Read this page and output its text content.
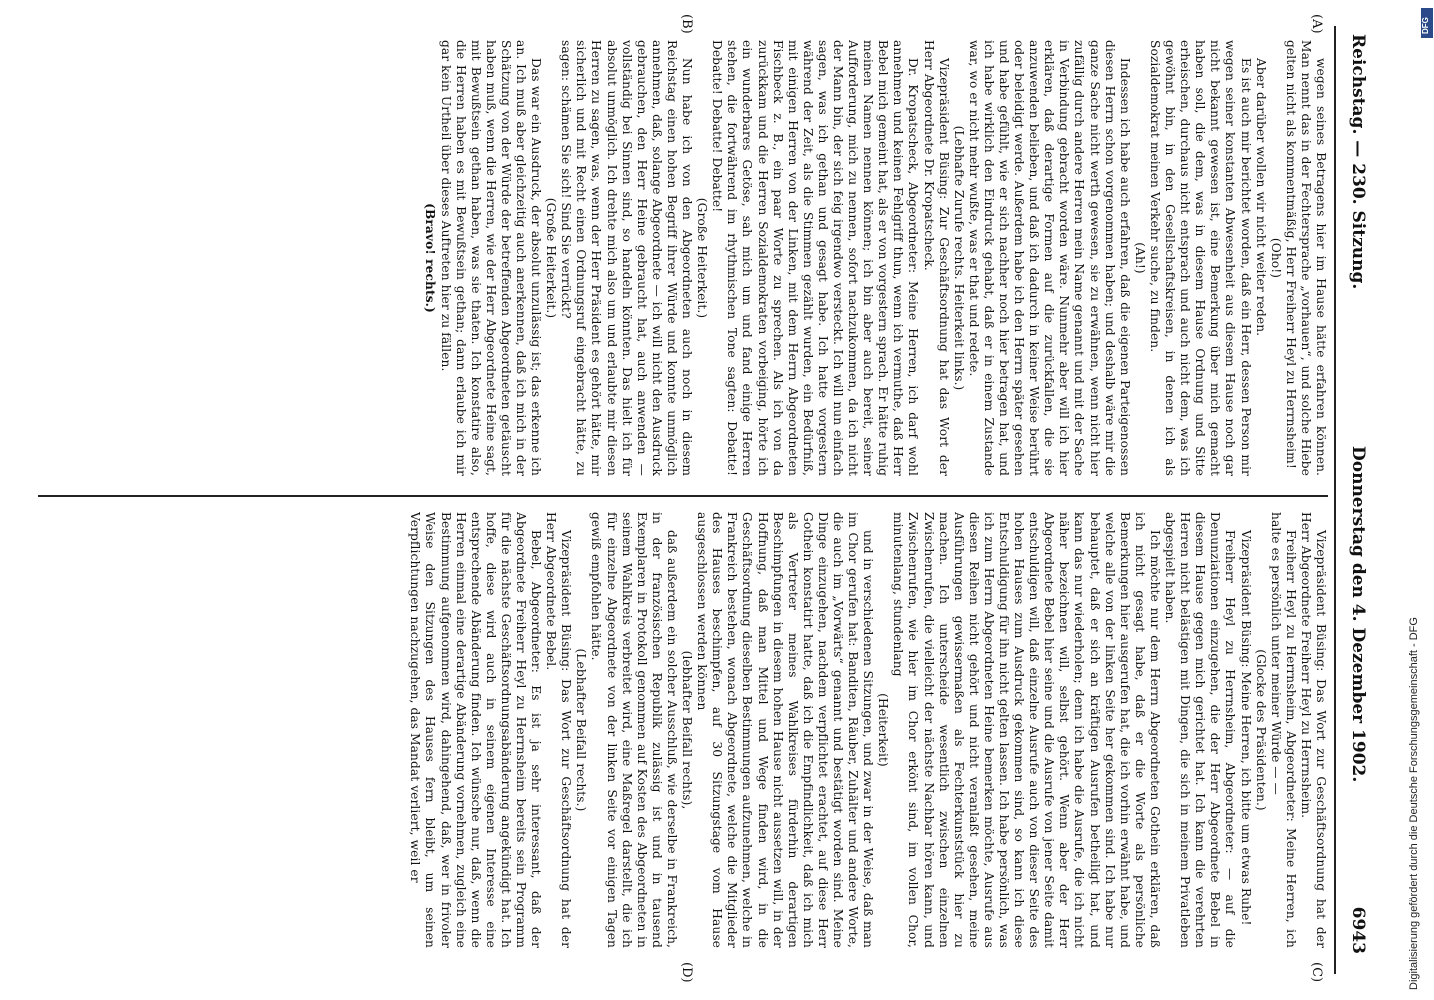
Reichstag. — 230. Sitzung.
Donnerstag den 4. Dezember 1902.
6943
(A)
(B)
(C)
(D)

wegen seines Betragens hier im Hause hätte erfahren können. Man nennt das in der Fechtersprache „vorhauen“, und solche Hiebe gelten nicht als kommentmäßig, Herr Freiherr Heyl zu Herrnsheim!

(Oho!)

Aber darüber wollen wir nicht weiter reden.

Es ist auch mir berichtet worden, daß ein Herr, dessen Person mir wegen seiner konstanten Abwesenheit aus diesem Hause noch gar nicht bekannt gewesen ist, eine Bemerkung über mich gemacht haben soll, die dem, was in diesem Hause Ordnung und Sitte erheischen, durchaus nicht entsprach und auch nicht dem, was ich gewöhnt bin, in den Gesellschaftskreisen, in denen ich als Sozialdemokrat meinen Verkehr suche, zu finden.

(Ah!)

Indessen ich habe auch erfahren, daß die eigenen Parteigenossen diesen Herrn schon vorgenommen haben; und deshalb wäre mir die ganze Sache nicht werth gewesen, sie zu erwähnen, wenn nicht hier zufällig durch andere Herren mein Name genannt und mit der Sache in Verbindung gebracht worden wäre. Nunmehr aber will ich hier erklären, daß derartige Formen auf die zurückfallen, die sie anzuwenden belieben, und daß ich dadurch in keiner Weise berührt oder beleidigt werde. Außerdem habe ich den Herrn später gesehen und habe gefühlt, wie er sich nachher noch hier betragen hat, und ich habe wirklich den Eindruck gehabt, daß er in einem Zustande war, wo er nicht mehr wußte, was er that und redete.

(Lebhafte Zurufe rechts. Heiterkeit links.)

Vizepräsident Büsing: Zur Geschäftsordnung hat das Wort der Herr Abgeordnete Dr. Kropatscheck.

Dr. Kropatscheck, Abgeordneter: Meine Herren, ich darf wohl annehmen und keinen Fehlgriff thun, wenn ich vermuthe, daß Herr Bebel mich gemeint hat, als er von vorgestern sprach. Er hätte ruhig meinen Namen nennen können; ich bin aber auch bereit, seiner Aufforderung, mich zu nennen, sofort nachzukommen, da ich nicht der Mann bin, der sich feig irgendwo versteckt. Ich will nun einfach sagen, was ich gethan und gesagt habe. Ich hatte vorgestern während der Zeit, als die Stimmen gezählt wurden, ein Bedürfniß, mit einigen Herren von der Linken, mit dem Herrn Abgeordneten Fischbeck z. B., ein paar Worte zu sprechen. Als ich von da zurückkam und die Herren Sozialdemokraten vorbeiging, hörte ich ein wunderbares Getöse, sah mich um und fand einige Herren stehen, die fortwährend im rhythmischen Tone sagten: Debatte! Debatte! Debatte! Debatte!

(Große Heiterkeit.)

Nun habe ich von den Abgeordneten auch noch in diesem Reichstag einen hohen Begriff ihrer Würde und konnte unmöglich annehmen, daß, solange Abgeordnete — ich will nicht den Ausdruck gebrauchen, den Herr Heine gebraucht hat, auch anwenden — vollständig bei Sinnen sind, so handeln könnten. Das hielt ich für absolut unmöglich. Ich drehte mich also um und erlaubte mir diesen Herren zu sagen, was, wenn der Herr Präsident es gehört hätte, mir sicherlich und mit Recht einen Ordnungsruf eingebracht hätte, zu sagen: schämen Sie sich! Sind Sie verrückt?

(Große Heiterkeit.)

Das war ein Ausdruck, der absolut unzulässig ist; das erkenne ich an. Ich muß aber gleichzeitig auch anerkennen, daß ich mich in der Schätzung von der Würde der betreffenden Abgeordneten getäuscht haben muß, wenn die Herren, wie der Herr Abgeordnete Heine sagt, mit Bewußtsein gethan haben, was sie thaten. Ich konstatire also, die Herren haben es mit Bewußtsein gethan; dann erlaube ich mir gar kein Urtheil über dieses Auftreten hier zu fällen.

(Bravo! rechts.)

Vizepräsident Büsing: Das Wort zur Geschäftsordnung hat der Herr Abgeordnete Freiherr Heyl zu Herrnsheim.

Freiherr Heyl zu Herrnsheim, Abgeordneter: Meine Herren, ich halte es persönlich unter meiner Würde — —

(Glocke des Präsidenten.)

Vizepräsident Büsing: Meine Herren, ich bitte um etwas Ruhe!

Freiherr Heyl zu Herrnsheim, Abgeordneter: — auf die Denunziationen einzugehen, die der Herr Abgeordnete Bebel in diesem Hause gegen mich gerichtet hat. Ich kann die verehrten Herren nicht belästigen mit Dingen, die sich in meinem Privatleben abgespielt haben.

Ich möchte nur dem Herrn Abgeordneten Gothein erklären, daß ich nicht gesagt habe, daß er die Worte als persönliche Bemerkungen hier ausgerufen hat, die ich vorhin erwähnt habe, und welche alle von der linken Seite her gekommen sind. Ich habe nur behauptet, daß er sich an kräftigen Ausrufen betheiligt hat, und kann das nur wiederholen; denn ich habe die Ausrufe, die ich nicht näher bezeichnen will, selbst gehört. Wenn aber der Herr Abgeordnete Bebel hier seine und die Ausrufe von jener Seite damit entschuldigen will, daß einzelne Ausrufe auch von dieser Seite des hohen Hauses zum Ausdruck gekommen sind, so kann ich diese Entschuldigung für ihn nicht gelten lassen. Ich habe persönlich, was ich zum Herrn Abgeordneten Heine bemerken möchte, Ausrufe aus diesen Reihen nicht gehört und nicht veranlaßt gesehen, meine Ausführungen gewissermaßen als Fechterkunststück hier zu machen. Ich unterscheide wesentlich zwischen einzelnen Zwischenrufen, die vielleicht der nächste Nachbar hören kann, und Zwischenrufen, wie hier im Chor erkönt sind, im vollen Chor, minutenlang, stundenlang

(Heiterkeit)

und in verschiedenen Sitzungen, und zwar in der Weise, daß man im Chor gerufen hat: Banditen, Räuber, Zuhälter und andere Worte, die auch im „Vorwärts“ genannt und bestätigt worden sind. Meine Dinge einzugehen, nachdem verpflichtet erachtet, auf diese Herr Gothein konstatirt hatte, daß ich die Empfindlichkeit, daß ich mich als Vertreter meines Wahlkreises fürderhin derartigen Beschimpfungen in diesem hohen Hause nicht aussetzen will, in der Hoffnung, daß man Mittel und Wege finden wird, in die Geschäftsordnung dieselben Bestimmungen aufzunehmen, welche in Frankreich bestehen, wonach Abgeordnete, welche die Mitglieder des Hauses beschimpfen, auf 30 Sitzungstage vom Hause ausgeschlossen werden können

(lebhafter Beifall rechts),

daß außerdem ein solcher Ausschluß, wie derselbe in Frankreich, in der französischen Republik zulässig ist und in tausend Exemplaren in Protokoll genommen auf Kosten des Abgeordneten in seinem Wahlkreis verbreitet wird, eine Maßregel darstellt, die ich für einzelne Abgeordnete von der linken Seite vor einigen Tagen gewiß empfohlen hätte.

(Lebhafter Beifall rechts.)

Vizepräsident Büsing: Das Wort zur Geschäftsordnung hat der Herr Abgeordnete Bebel.

Bebel, Abgeordneter: Es ist ja sehr interessant, daß der Abgeordnete Freiherr Heyl zu Herrnsheim bereits sein Programm für die nächste Geschäftsordnungsabänderung angekündigt hat. Ich hoffe, diese wird auch in seinem eigenen Interesse eine entsprechende Abänderung finden. Ich wünsche nur, daß, wenn die Herren einmal eine derartige Abänderung vornehmen, zugleich eine Bestimmung aufgenommen wird, dahingehend, daß, wer in frivoler Weise den Sitzungen des Hauses fern bleibt, um seinen Verpflichtungen nachzugehen, das Mandat verliert, weil er	Digitalisierung gefördert durch die Deutsche Forschungsgemeinschaft - DFG
DFG
